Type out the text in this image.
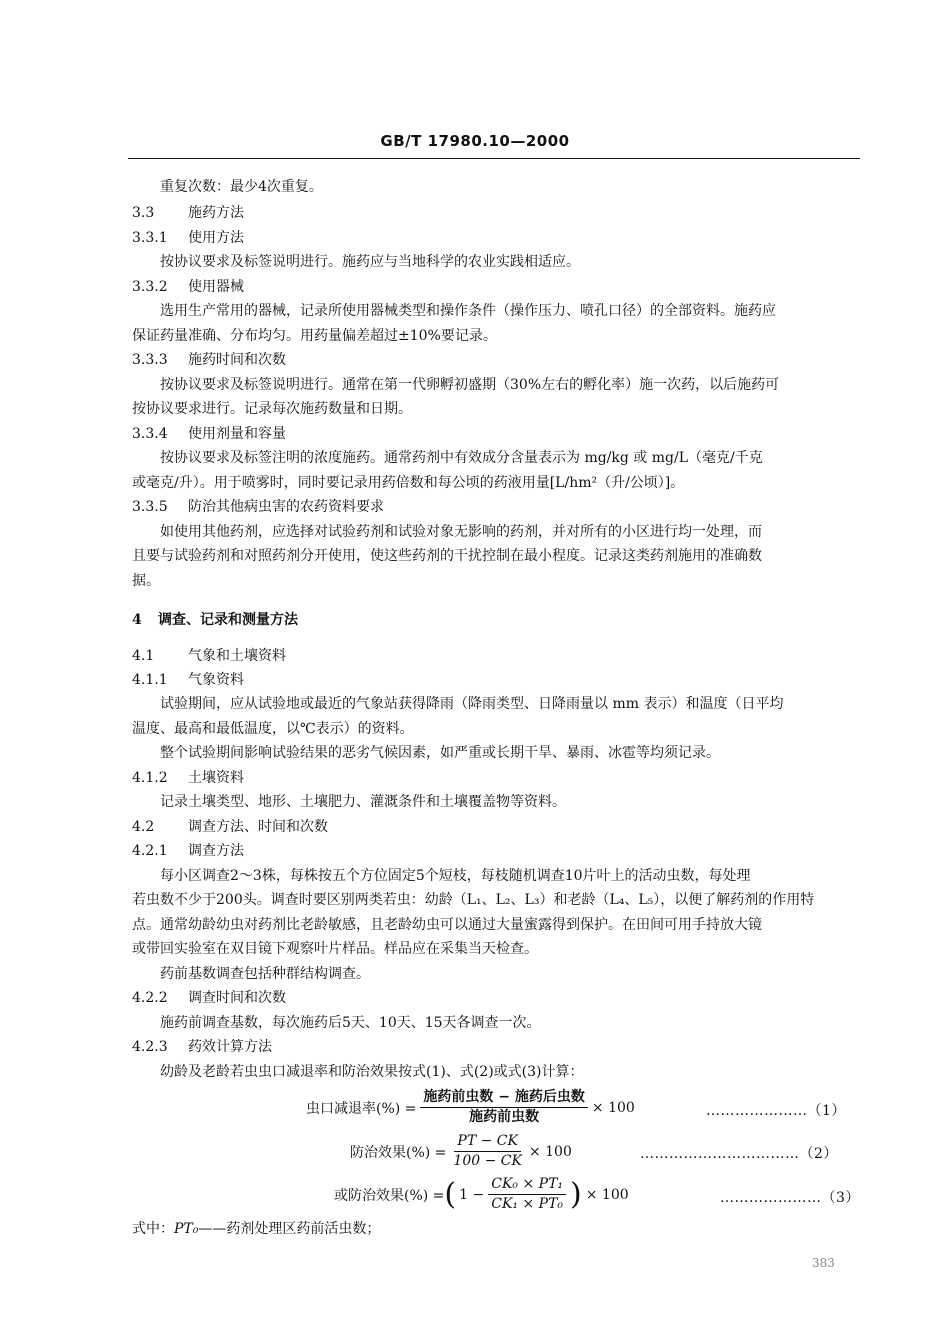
GB/T 17980.10—2000
重复次数：最少4次重复。
3.3 施药方法
3.3.1 使用方法
按协议要求及标签说明进行。施药应与当地科学的农业实践相适应。
3.3.2 使用器械
选用生产常用的器械，记录所使用器械类型和操作条件（操作压力、喷孔口径）的全部资料。施药应
保证药量准确、分布均匀。用药量偏差超过±10%要记录。
3.3.3 施药时间和次数
按协议要求及标签说明进行。通常在第一代卵孵初盛期（30%左右的孵化率）施一次药，以后施药可
按协议要求进行。记录每次施药数量和日期。
3.3.4 使用剂量和容量
按协议要求及标签注明的浓度施药。通常药剂中有效成分含量表示为 mg/kg 或 mg/L（毫克/千克
或毫克/升）。用于喷雾时，同时要记录用药倍数和每公顷的药液用量[L/hm²（升/公顷）]。
3.3.5 防治其他病虫害的农药资料要求
如使用其他药剂，应选择对试验药剂和试验对象无影响的药剂，并对所有的小区进行均一处理，而
且要与试验药剂和对照药剂分开使用，使这些药剂的干扰控制在最小程度。记录这类药剂施用的准确数
据。
4 调查、记录和测量方法
4.1 气象和土壤资料
4.1.1 气象资料
试验期间，应从试验地或最近的气象站获得降雨（降雨类型、日降雨量以 mm 表示）和温度（日平均
温度、最高和最低温度，以℃表示）的资料。
整个试验期间影响试验结果的恶劣气候因素，如严重或长期干旱、暴雨、冰雹等均须记录。
4.1.2 土壤资料
记录土壤类型、地形、土壤肥力、灌溉条件和土壤覆盖物等资料。
4.2 调查方法、时间和次数
4.2.1 调查方法
每小区调查2～3株，每株按五个方位固定5个短枝，每枝随机调查10片叶上的活动虫数，每处理
若虫数不少于200头。调查时要区别两类若虫：幼龄（L₁、L₂、L₃）和老龄（L₄、L₅），以便了解药剂的作用特
点。通常幼龄幼虫对药剂比老龄敏感，且老龄幼虫可以通过大量蜜露得到保护。在田间可用手持放大镜
或带回实验室在双目镜下观察叶片样品。样品应在采集当天检查。
药前基数调查包括种群结构调查。
4.2.2 调查时间和次数
施药前调查基数，每次施药后5天、10天、15天各调查一次。
4.2.3 药效计算方法
幼龄及老龄若虫虫口减退率和防治效果按式(1)、式(2)或式(3)计算：
虫口减退率(%) = $\frac{\text{施药前虫数 − 施药后虫数}}{\text{施药前虫数}} \times 100$	…………………（1）
防治效果(%) = $\frac{PT - CK}{100 - CK} \times 100$	……………………………（2）
或防治效果(%) = ( $1 - \frac{\text{CK₀ × PT₁}}{\text{CK₁ × PT₀}}$ ) × 100	…………………（3）
式中：PT₀——药剂处理区药前活虫数；
383
